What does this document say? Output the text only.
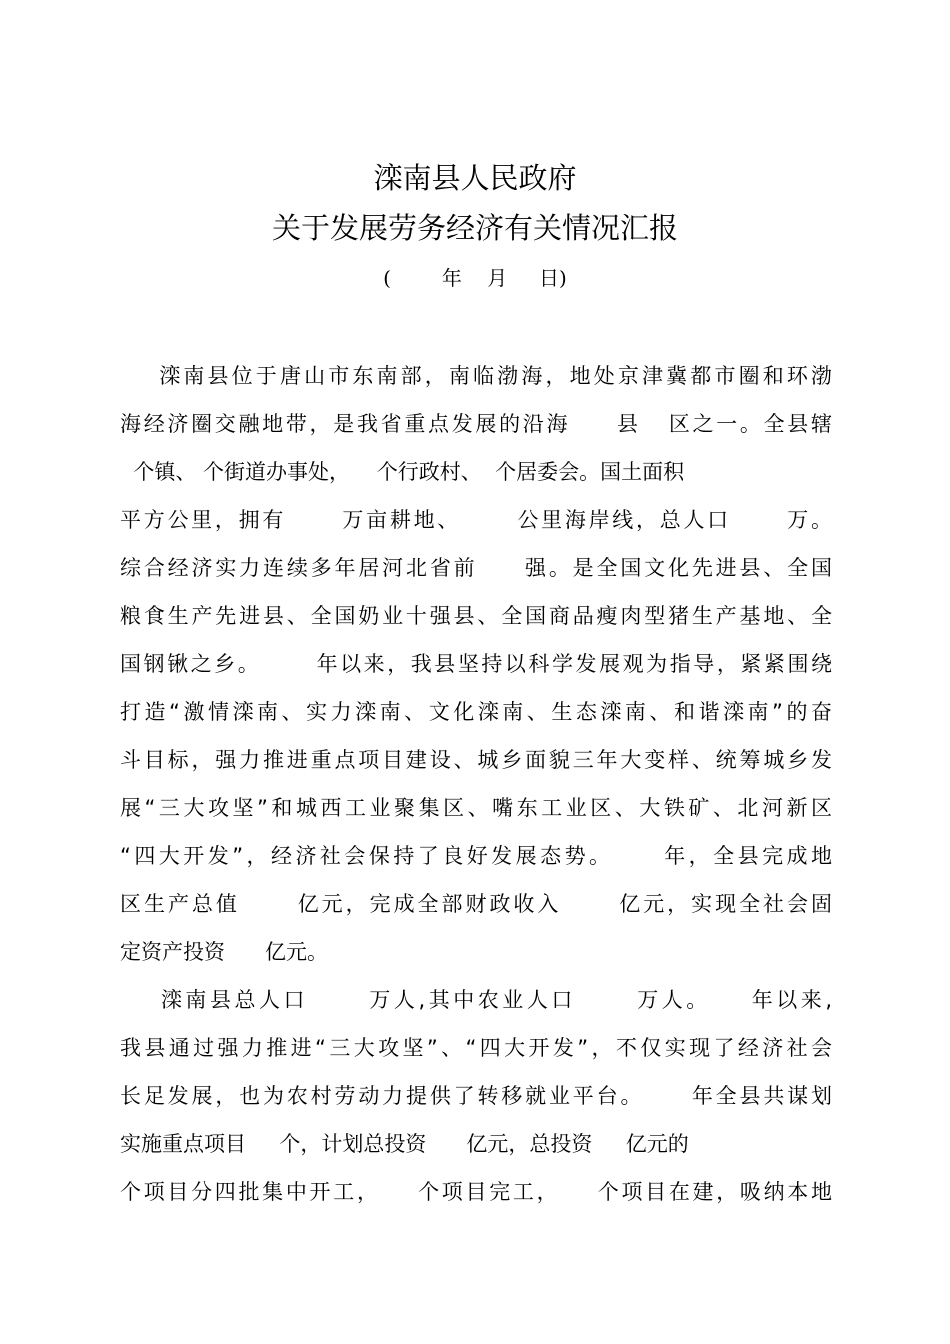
滦南县人民政府
关于发展劳务经济有关情况汇报
(        年    月     日)
滦南县位于唐山市东南部，南临渤海，地处京津冀都市圈和环渤
海经济圈交融地带，是我省重点发展的沿海     县   区之一。全县辖
个镇、 个街道办事处，    个行政村、  个居委会。国土面积
平方公里，拥有      万亩耕地、      公里海岸线，总人口      万。
综合经济实力连续多年居河北省前     强。是全国文化先进县、全国
粮食生产先进县、全国奶业十强县、全国商品瘦肉型猪生产基地、全
国钢锹之乡。      年以来，我县坚持以科学发展观为指导，紧紧围绕
打造“激情滦南、实力滦南、文化滦南、生态滦南、和谐滦南”的奋
斗目标，强力推进重点项目建设、城乡面貌三年大变样、统筹城乡发
展“三大攻坚”和城西工业聚集区、嘴东工业区、大铁矿、北河新区
“四大开发”，经济社会保持了良好发展态势。     年，全县完成地
区生产总值      亿元，完成全部财政收入      亿元，实现全社会固
定资产投资      亿元。
滦南县总人口      万人,其中农业人口      万人。    年以来,
我县通过强力推进“三大攻坚”、“四大开发”，不仅实现了经济社会
长足发展，也为农村劳动力提供了转移就业平台。     年全县共谋划
实施重点项目     个，计划总投资      亿元，总投资     亿元的
个项目分四批集中开工，    个项目完工，    个项目在建，吸纳本地
